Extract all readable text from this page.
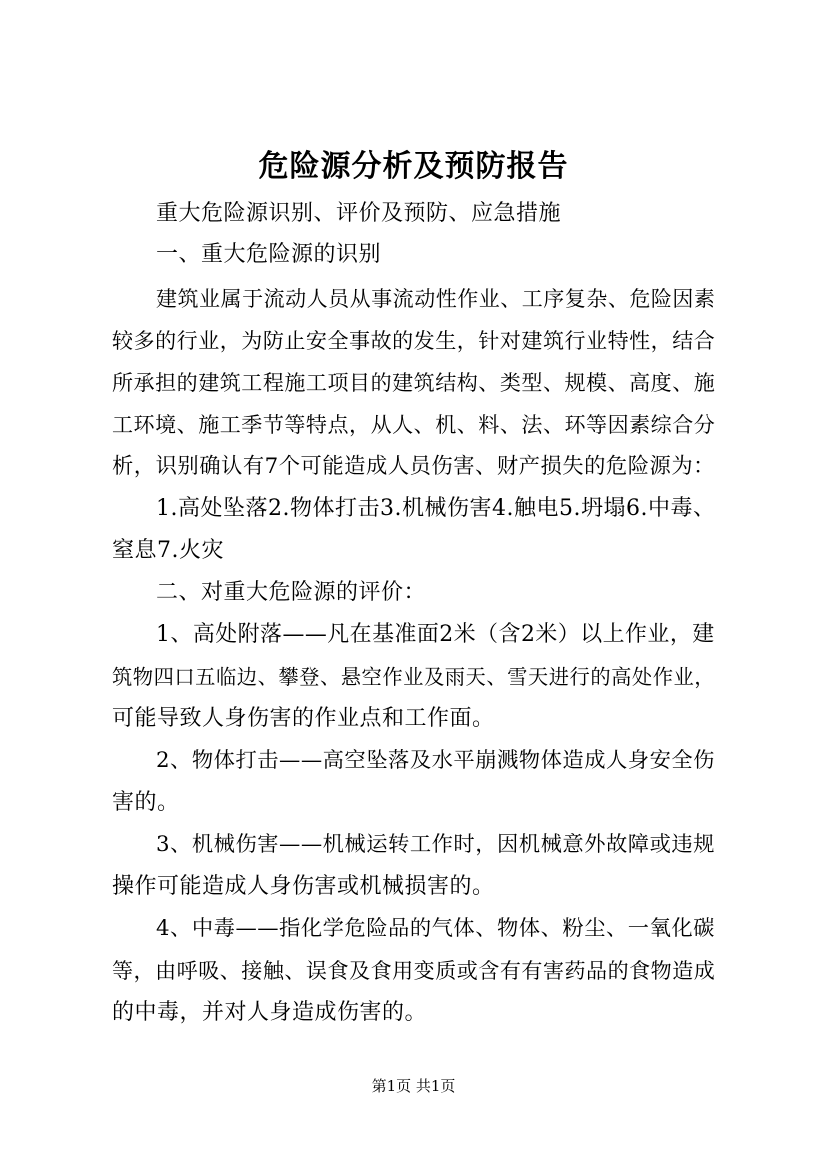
危险源分析及预防报告
重大危险源识别、评价及预防、应急措施
一、重大危险源的识别
建筑业属于流动人员从事流动性作业、工序复杂、危险因素
较多的行业，为防止安全事故的发生，针对建筑行业特性，结合
所承担的建筑工程施工项目的建筑结构、类型、规模、高度、施
工环境、施工季节等特点，从人、机、料、法、环等因素综合分
析，识别确认有7个可能造成人员伤害、财产损失的危险源为：
1.高处坠落2.物体打击3.机械伤害4.触电5.坍塌6.中毒、
窒息7.火灾
二、对重大危险源的评价：
1、高处附落——凡在基准面2米（含2米）以上作业，建
筑物四口五临边、攀登、悬空作业及雨天、雪天进行的高处作业，
可能导致人身伤害的作业点和工作面。
2、物体打击——高空坠落及水平崩溅物体造成人身安全伤
害的。
3、机械伤害——机械运转工作时，因机械意外故障或违规
操作可能造成人身伤害或机械损害的。
4、中毒——指化学危险品的气体、物体、粉尘、一氧化碳
等，由呼吸、接触、误食及食用变质或含有有害药品的食物造成
的中毒，并对人身造成伤害的。
第1页 共1页
